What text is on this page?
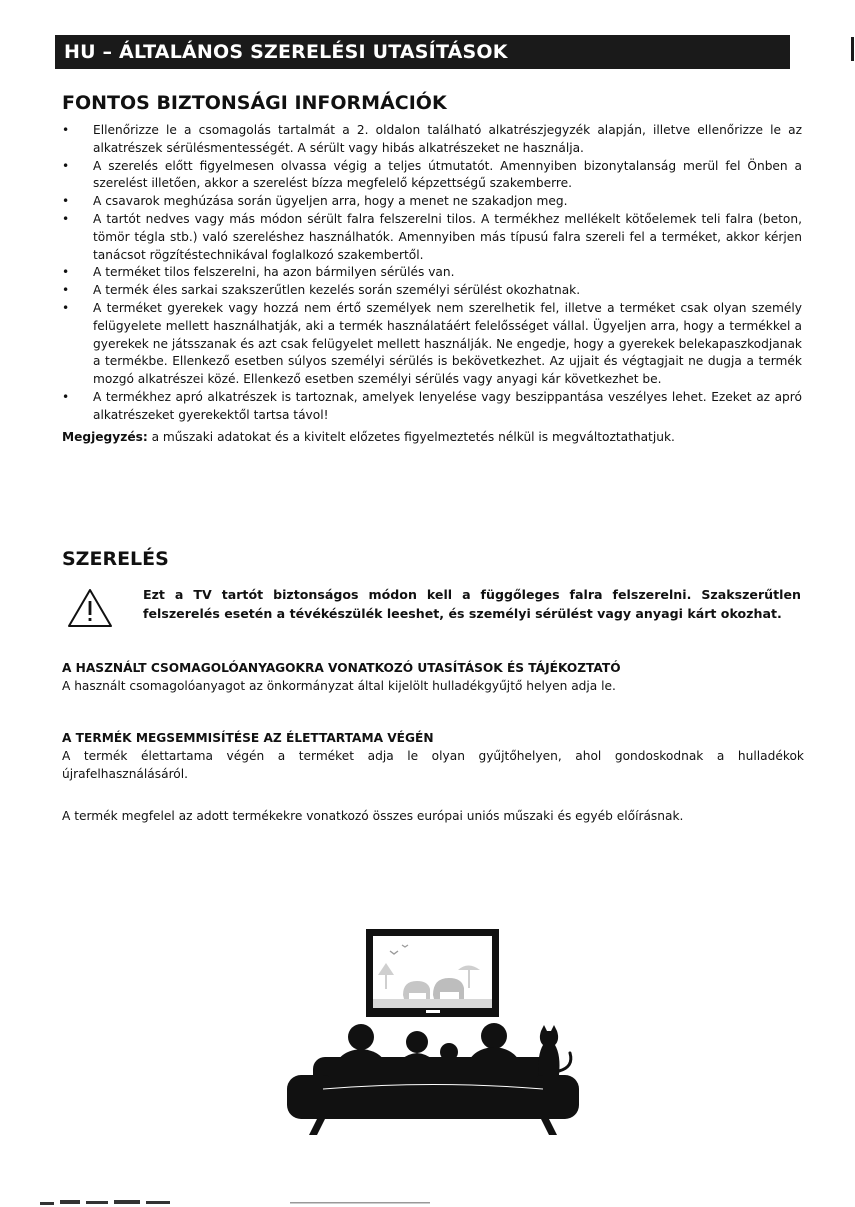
HU – ÁLTALÁNOS SZERELÉSI UTASÍTÁSOK
FONTOS BIZTONSÁGI INFORMÁCIÓK
• Ellenőrizze le a csomagolás tartalmát a 2. oldalon található alkatrészjegyzék alapján, illetve ellenőrizze le az alkatrészek sérülésmentességét. A sérült vagy hibás alkatrészeket ne használja.
• A szerelés előtt figyelmesen olvassa végig a teljes útmutatót. Amennyiben bizonytalanság merül fel Önben a szerelést illetően, akkor a szerelést bízza megfelelő képzettségű szakemberre.
• A csavarok meghúzása során ügyeljen arra, hogy a menet ne szakadjon meg.
• A tartót nedves vagy más módon sérült falra felszerelni tilos. A termékhez mellékelt kötőelemek teli falra (beton, tömör tégla stb.) való szereléshez használhatók. Amennyiben más típusú falra szereli fel a terméket, akkor kérjen tanácsot rögzítéstechnikával foglalkozó szakembertől.
• A terméket tilos felszerelni, ha azon bármilyen sérülés van.
• A termék éles sarkai szakszerűtlen kezelés során személyi sérülést okozhatnak.
• A terméket gyerekek vagy hozzá nem értő személyek nem szerelhetik fel, illetve a terméket csak olyan személy felügyelete mellett használhatják, aki a termék használatáért felelősséget vállal. Ügyeljen arra, hogy a termékkel a gyerekek ne játsszanak és azt csak felügyelet mellett használják. Ne engedje, hogy a gyerekek belekapaszkodjanak a termékbe. Ellenkező esetben súlyos személyi sérülés is bekövetkezhet. Az ujjait és végtagjait ne dugja a termék mozgó alkatrészei közé. Ellenkező esetben személyi sérülés vagy anyagi kár következhet be.
• A termékhez apró alkatrészek is tartoznak, amelyek lenyelése vagy beszippantása veszélyes lehet. Ezeket az apró alkatrészeket gyerekektől tartsa távol!
Megjegyzés: a műszaki adatokat és a kivitelt előzetes figyelmeztetés nélkül is megváltoztathatjuk.
SZERELÉS
Ezt a TV tartót biztonságos módon kell a függőleges falra felszerelni. Szakszerűtlen felszerelés esetén a tévékészülék leeshet, és személyi sérülést vagy anyagi kárt okozhat.
A HASZNÁLT CSOMAGOLÓANYAGOKRA VONATKOZÓ UTASÍTÁSOK ÉS TÁJÉKOZTATÓ

A használt csomagolóanyagot az önkormányzat által kijelölt hulladékgyűjtő helyen adja le.

A TERMÉK MEGSEMMISÍTÉSE AZ ÉLETTARTAMA VÉGÉN

A termék élettartama végén a terméket adja le olyan gyűjtőhelyen, ahol gondoskodnak a hulladékok újrafelhasználásáról.

A termék megfelel az adott termékekre vonatkozó összes európai uniós műszaki és egyéb előírásnak.
